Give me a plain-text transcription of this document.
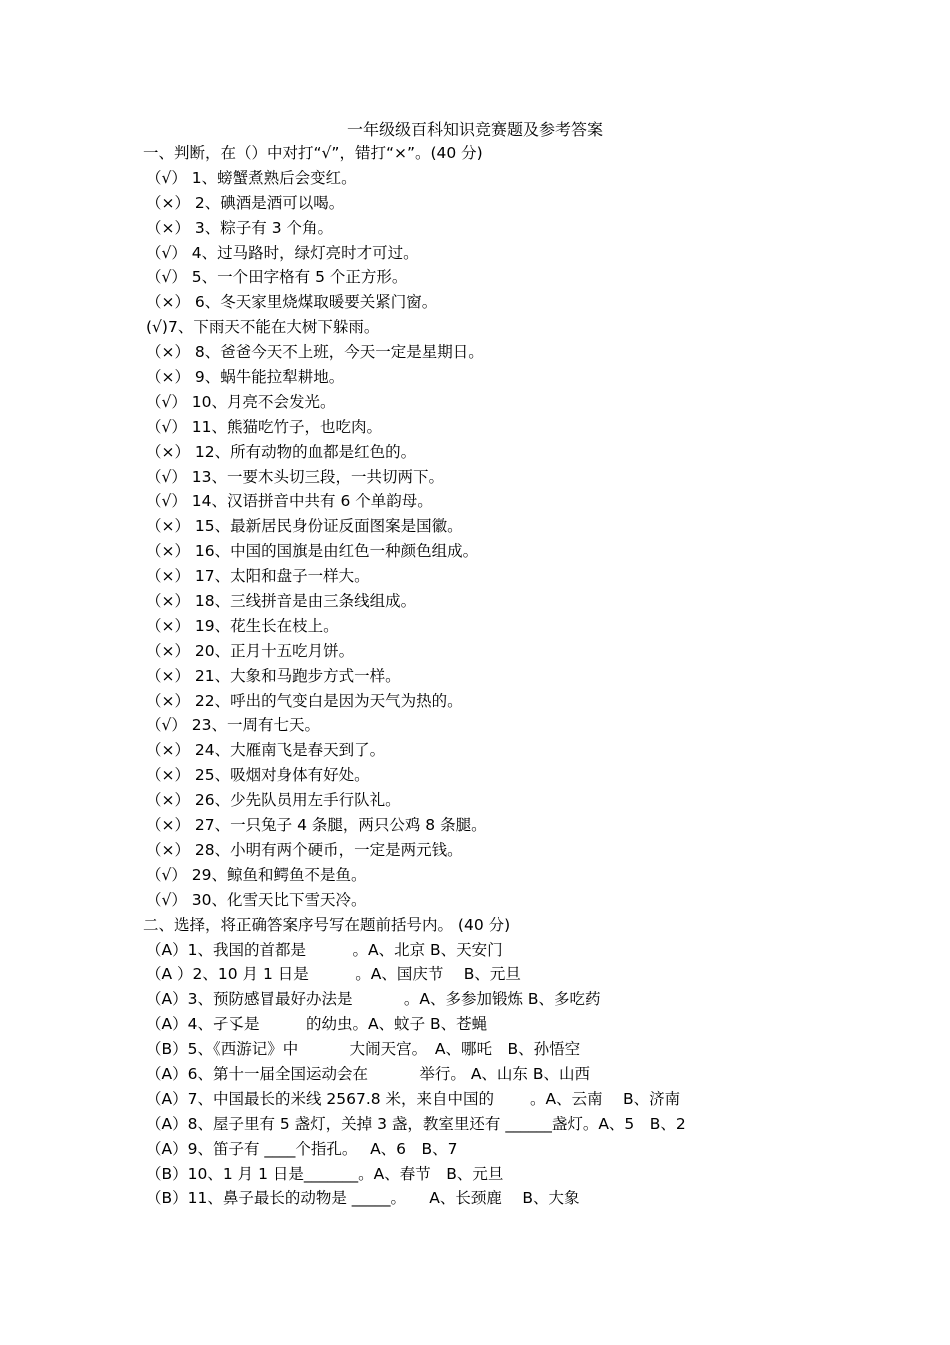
一年级级百科知识竞赛题及参考答案
一、判断，在（）中对打“√”，错打“×”。(40 分)
（√） 1、螃蟹煮熟后会变红。
（×） 2、碘酒是酒可以喝。
（×） 3、粽子有 3 个角。
（√） 4、过马路时，绿灯亮时才可过。
（√） 5、一个田字格有 5 个正方形。
（×） 6、冬天家里烧煤取暖要关紧门窗。
(√)7、下雨天不能在大树下躲雨。
（×） 8、爸爸今天不上班，今天一定是星期日。
（×） 9、蜗牛能拉犁耕地。
（√） 10、月亮不会发光。
（√） 11、熊猫吃竹子，也吃肉。
（×） 12、所有动物的血都是红色的。
（√） 13、一要木头切三段，一共切两下。
（√） 14、汉语拼音中共有 6 个单韵母。
（×） 15、最新居民身份证反面图案是国徽。
（×） 16、中国的国旗是由红色一种颜色组成。
（×） 17、太阳和盘子一样大。
（×） 18、三线拼音是由三条线组成。
（×） 19、花生长在枝上。
（×） 20、正月十五吃月饼。
（×） 21、大象和马跑步方式一样。
（×） 22、呼出的气变白是因为天气为热的。
（√） 23、一周有七天。
（×） 24、大雁南飞是春天到了。
（×） 25、吸烟对身体有好处。
（×） 26、少先队员用左手行队礼。
（×） 27、一只兔子 4 条腿，两只公鸡 8 条腿。
（×） 28、小明有两个硬币，一定是两元钱。
（√） 29、鲸鱼和鳄鱼不是鱼。
（√） 30、化雪天比下雪天冷。
二、选择，将正确答案序号写在题前括号内。 (40 分)
（A）1、我国的首都是　　　。A、北京 B、天安门
（A ）2、10 月 1 日是　　　。A、国庆节　 B、元旦
（A）3、预防感冒最好办法是　　　 。A、多参加锻炼 B、多吃药
（A）4、孑孓是　　　的幼虫。A、蚊子 B、苍蝇
（B）5、《西游记》中　　　 大闹天宫。　A、哪吒　B、孙悟空
（A）6、第十一届全国运动会在　　　 举行。 A、山东 B、山西
（A）7、中国最长的米线 2567.8 米，来自中国的　　 。A、云南　 B、济南
（A）8、屋子里有 5 盏灯，关掉 3 盏，教室里还有 ______盏灯。A、5　B、2
（A）9、笛子有 ____个指孔。　 A、6　B、7
（B）10、1 月 1 日是_______。A、春节　B、元旦
（B）11、鼻子最长的动物是 _____。　　A、长颈鹿　 B、大象
